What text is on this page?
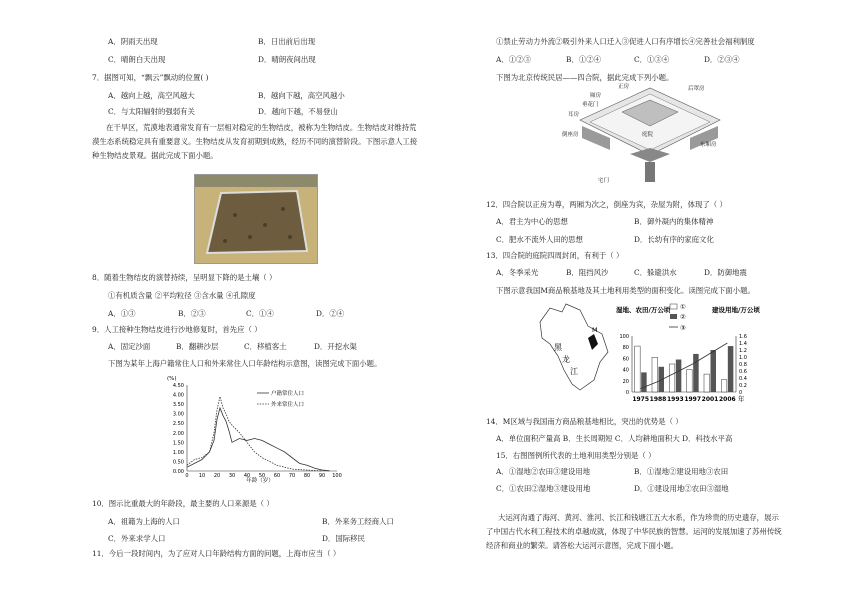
A．阴雨天出现	B．日出前后出现
C．晴朗白天出现	D．晴朗夜间出现
7．据图可知，“飘云”飘动的位置( )
A．越向上越，高空风越大	B．越向下越，高空风越小
C．与太阳辐射的强弱有关	D．越向下越，不易登山
在干旱区，荒漠地表通常发育有一层相对稳定的生物结皮，被称为生物结皮。生物结皮对维持荒漠生态系统稳定具有重要意义。生物结皮从发育初期到成熟，经历不同的演替阶段。下图示意人工接种生物结皮景观。据此完成下面小题。
8．随着生物结皮的演替持续，呈明显下降的是土壤（ ）
①有机质含量 ②平均粒径 ③含水量 ④孔隙度
A．①③	B．②③	C．①④	D．②④
9．人工接种生物结皮进行沙地修复时，首先应（ ）
A．固定沙面	B．翻耕沙层	C．移植客土	D．开挖水渠
下图为某年上海户籍常住人口和外来常住人口年龄结构示意图，读图完成下面小题。
(%)
4.50
4.00
3.50
3.00
2.50
2.00
1.50
1.00
0.50
0.00
0 10 20 30 40 50 60 70 80 90 100
户籍常住人口
外来常住人口
年龄（岁）
10．图示比重最大的年龄段，最主要的人口来源是（ ）
A．祖籍为上海的人口	B．外来务工经商人口
C．外来求学人口	D．国际移民
11．今后一段时间内，为了应对人口年龄结构方面的问题，上海市应当（ ）
①禁止劳动力外流②吸引外来人口迁入③促进人口有序增长④完善社会福利制度
A．①②③	B．①②④	C．①③④	D．②③④
下图为北京传统民居——四合院，据此完成下列小题。
正房	后罩房
垂花门
厢房
耳房
倒座房	庭院
东厢房
宅门
12．四合院以正房为尊，两厢为次之，倒座为宾，杂屋为附，体现了（ ）
A．君主为中心的思想	B．御外凝内的集体精神
C．肥水不流外人田的思想	D．长幼有序的家庭文化
13．四合院的庭院四周封闭，有利于（ ）
A．冬季采光	B．阻挡风沙	C．躲避洪水	D．防御地震
下图示意我国M商品粮基地及其土地利用类型的面积变化。读图完成下面小题。
黑
龙
江
M
湿地、农田/万公顷	建设用地/万公顷
①
②
③
100
80
60
40
20
0
1.6
1.4
1.2
1.0
0.8
0.6
0.4
0.2
0
1975 1988 1993 1997 2001 2006 年
14．M区域与我国南方商品粮基地相比，突出的优势是（ ）
A．单位面积产量高 B．生长周期短 C．人均耕地面积大 D．科技水平高
15．右图图例所代表的土地利用类型分别是（ ）
A．①湿地②农田③建设用地	B．①湿地②建设用地③农田
C．①农田②湿地③建设用地	D．①建设用地②农田③湿地
大运河沟通了海河、黄河、淮河、长江和钱塘江五大水系，作为珍贵的历史遗存，展示了中国古代水利工程技术的卓越成就，体现了中华民族的智慧。运河的发展加速了苏州传统经济和商业的繁荣。请答松大运河示意图，完成下面小题。
